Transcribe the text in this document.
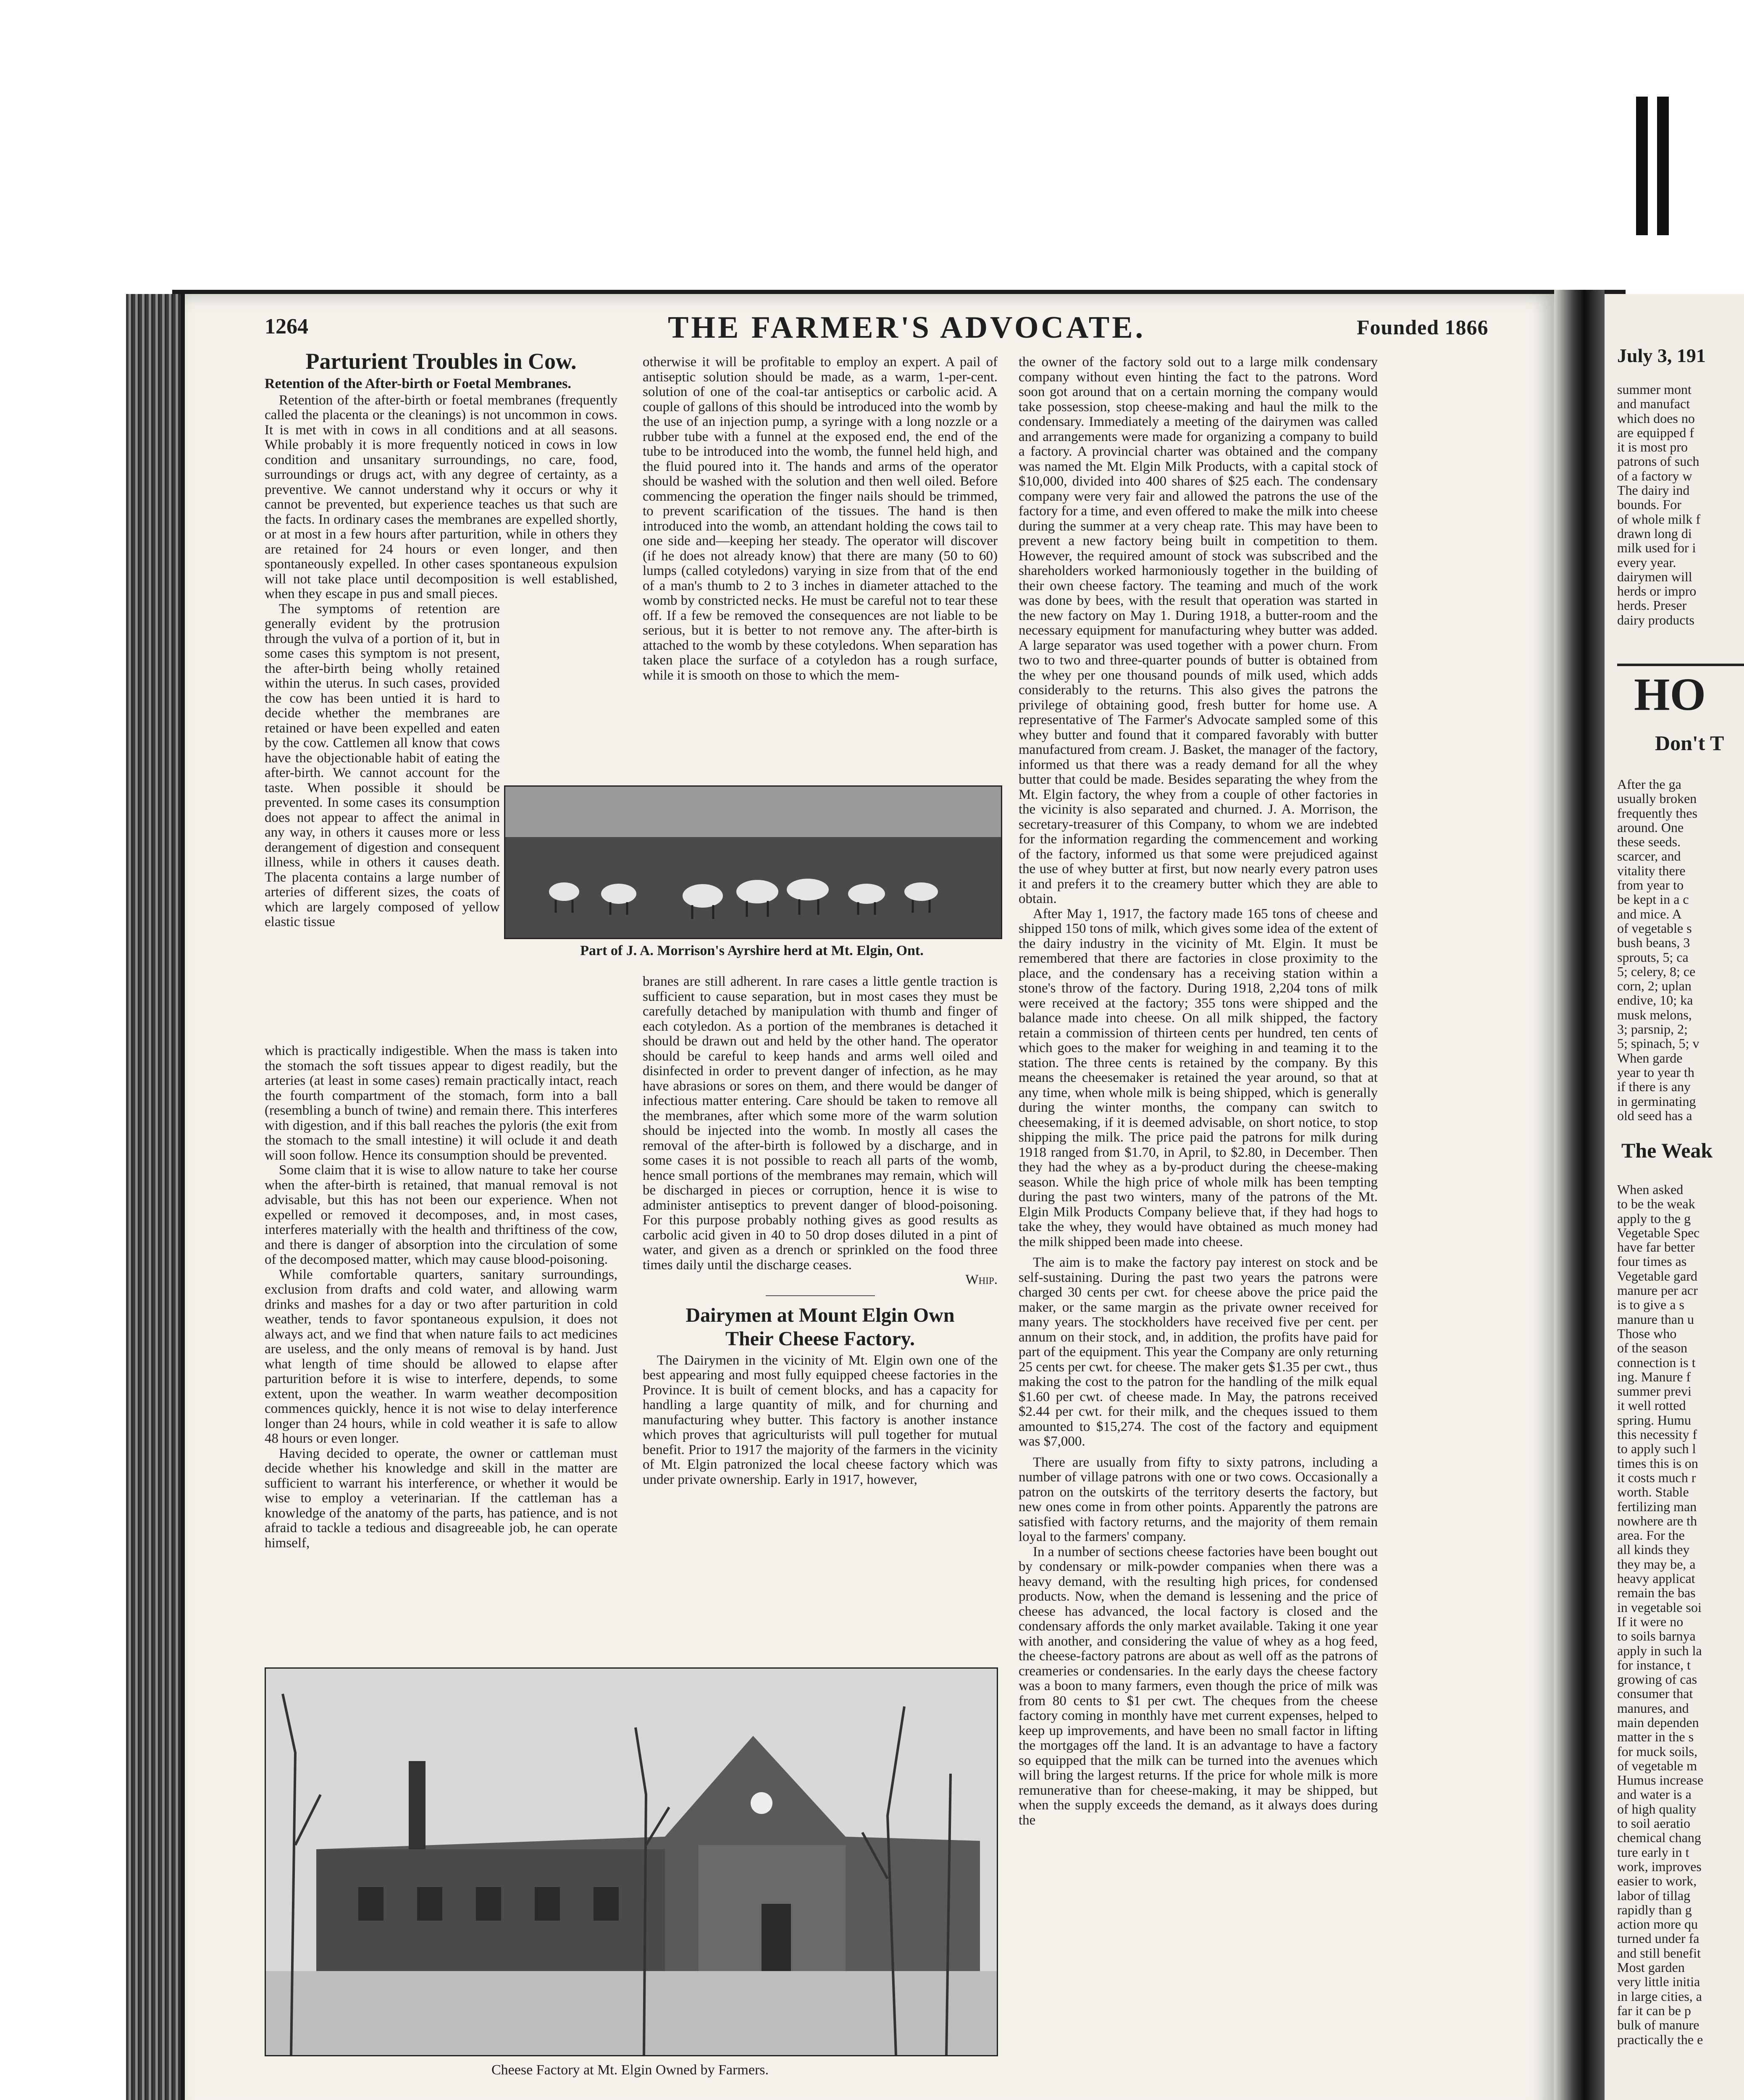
1264	THE FARMER'S ADVOCATE.	Founded 1866
Parturient Troubles in Cow.
Retention of the After-birth or Foetal Membranes.

Retention of the after-birth or foetal membranes (frequently called the placenta or the cleanings) is not uncommon in cows. It is met with in cows in all conditions and at all seasons. While probably it is more frequently noticed in cows in low condition and unsanitary surroundings, no care, food, surroundings or drugs act, with any degree of certainty, as a preventive. We cannot understand why it occurs or why it cannot be prevented, but experience teaches us that such are the facts. In ordinary cases the membranes are expelled shortly, or at most in a few hours after parturition, while in others they are retained for 24 hours or even longer, and then spontaneously expelled. In other cases spontaneous expulsion will not take place until decomposition is well established, when they escape in pus and small pieces.

The symptoms of retention are generally evident by the protrusion through the vulva of a portion of it, but in some cases this symptom is not present, the after-birth being wholly retained within the uterus. In such cases, provided the cow has been untied it is hard to decide whether the membranes are retained or have been expelled and eaten by the cow. Cattlemen all know that cows have the objectionable habit of eating the after-birth. We cannot account for the taste. When possible it should be prevented. In some cases its consumption does not appear to affect the animal in any way, in others it causes more or less derangement of digestion and consequent illness, while in others it causes death. The placenta contains a large number of arteries of different sizes, the coats of which are largely composed of yellow elastic tissue

which is practically indigestible. When the mass is taken into the stomach the soft tissues appear to digest readily, but the arteries (at least in some cases) remain practically intact, reach the fourth compartment of the stomach, form into a ball (resembling a bunch of twine) and remain there. This interferes with digestion, and if this ball reaches the pyloris (the exit from the stomach to the small intestine) it will oclude it and death will soon follow. Hence its consumption should be prevented.

Some claim that it is wise to allow nature to take her course when the after-birth is retained, that manual removal is not advisable, but this has not been our experience. When not expelled or removed it decomposes, and, in most cases, interferes materially with the health and thriftiness of the cow, and there is danger of absorption into the circulation of some of the decomposed matter, which may cause blood-poisoning.

While comfortable quarters, sanitary surroundings, exclusion from drafts and cold water, and allowing warm drinks and mashes for a day or two after parturition in cold weather, tends to favor spontaneous expulsion, it does not always act, and we find that when nature fails to act medicines are useless, and the only means of removal is by hand. Just what length of time should be allowed to elapse after parturition before it is wise to interfere, depends, to some extent, upon the weather. In warm weather decomposition commences quickly, hence it is not wise to delay interference longer than 24 hours, while in cold weather it is safe to allow 48 hours or even longer.

Having decided to operate, the owner or cattleman must decide whether his knowledge and skill in the matter are sufficient to warrant his interference, or whether it would be wise to employ a veterinarian. If the cattleman has a knowledge of the anatomy of the parts, has patience, and is not afraid to tackle a tedious and disagreeable job, he can operate himself,

otherwise it will be profitable to employ an expert. A pail of antiseptic solution should be made, as a warm, 1-per-cent. solution of one of the coal-tar antiseptics or carbolic acid. A couple of gallons of this should be introduced into the womb by the use of an injection pump, a syringe with a long nozzle or a rubber tube with a funnel at the exposed end, the end of the tube to be introduced into the womb, the funnel held high, and the fluid poured into it. The hands and arms of the operator should be washed with the solution and then well oiled. Before commencing the operation the finger nails should be trimmed, to prevent scarification of the tissues. The hand is then introduced into the womb, an attendant holding the cows tail to one side and—keeping her steady. The operator will discover (if he does not already know) that there are many (50 to 60) lumps (called cotyledons) varying in size from that of the end of a man's thumb to 2 to 3 inches in diameter attached to the womb by constricted necks. He must be careful not to tear these off. If a few be removed the consequences are not liable to be serious, but it is better to not remove any. The after-birth is attached to the womb by these cotyledons. When separation has taken place the surface of a cotyledon has a rough surface, while it is smooth on those to which the mem-

Part of J. A. Morrison's Ayrshire herd at Mt. Elgin, Ont.

branes are still adherent. In rare cases a little gentle traction is sufficient to cause separation, but in most cases they must be carefully detached by manipulation with thumb and finger of each cotyledon. As a portion of the membranes is detached it should be drawn out and held by the other hand. The operator should be careful to keep hands and arms well oiled and disinfected in order to prevent danger of infection, as he may have abrasions or sores on them, and there would be danger of infectious matter entering. Care should be taken to remove all the membranes, after which some more of the warm solution should be injected into the womb. In mostly all cases the removal of the after-birth is followed by a discharge, and in some cases it is not possible to reach all parts of the womb, hence small portions of the membranes may remain, which will be discharged in pieces or corruption, hence it is wise to administer antiseptics to prevent danger of blood-poisoning. For this purpose probably nothing gives as good results as carbolic acid given in 40 to 50 drop doses diluted in a pint of water, and given as a drench or sprinkled on the food three times daily until the discharge ceases.

Whip.
Dairymen at Mount Elgin Own Their Cheese Factory.

The Dairymen in the vicinity of Mt. Elgin own one of the best appearing and most fully equipped cheese factories in the Province. It is built of cement blocks, and has a capacity for handling a large quantity of milk, and for churning and manufacturing whey butter. This factory is another instance which proves that agriculturists will pull together for mutual benefit. Prior to 1917 the majority of the farmers in the vicinity of Mt. Elgin patronized the local cheese factory which was under private ownership. Early in 1917, however,

Cheese Factory at Mt. Elgin Owned by Farmers.

the owner of the factory sold out to a large milk condensary company without even hinting the fact to the patrons. Word soon got around that on a certain morning the company would take possession, stop cheese-making and haul the milk to the condensary. Immediately a meeting of the dairymen was called and arrangements were made for organizing a company to build a factory. A provincial charter was obtained and the company was named the Mt. Elgin Milk Products, with a capital stock of $10,000, divided into 400 shares of $25 each. The condensary company were very fair and allowed the patrons the use of the factory for a time, and even offered to make the milk into cheese during the summer at a very cheap rate. This may have been to prevent a new factory being built in competition to them. However, the required amount of stock was subscribed and the shareholders worked harmoniously together in the building of their own cheese factory. The teaming and much of the work was done by bees, with the result that operation was started in the new factory on May 1. During 1918, a butter-room and the necessary equipment for manufacturing whey butter was added. A large separator was used together with a power churn. From two to two and three-quarter pounds of butter is obtained from the whey per one thousand pounds of milk used, which adds considerably to the returns. This also gives the patrons the privilege of obtaining good, fresh butter for home use. A representative of The Farmer's Advocate sampled some of this whey butter and found that it compared favorably with butter manufactured from cream. J. Basket, the manager of the factory, informed us that there was a ready demand for all the whey butter that could be made. Besides separating the whey from the Mt. Elgin factory, the whey from a couple of other factories in the vicinity is also separated and churned. J. A. Morrison, the secretary-treasurer of this Company, to whom we are indebted for the information regarding the commencement and working of the factory, informed us that some were prejudiced against the use of whey butter at first, but now nearly every patron uses it and prefers it to the creamery butter which they are able to obtain.

After May 1, 1917, the factory made 165 tons of cheese and shipped 150 tons of milk, which gives some idea of the extent of the dairy industry in the vicinity of Mt. Elgin. It must be remembered that there are factories in close proximity to the place, and the condensary has a receiving station within a stone's throw of the factory. During 1918, 2,204 tons of milk were received at the factory; 355 tons were shipped and the balance made into cheese. On all milk shipped, the factory retain a commission of thirteen cents per hundred, ten cents of which goes to the maker for weighing in and teaming it to the station. The three cents is retained by the company. By this means the cheesemaker is retained the year around, so that at any time, when whole milk is being shipped, which is generally during the winter months, the company can switch to cheesemaking, if it is deemed advisable, on short notice, to stop shipping the milk. The price paid the patrons for milk during 1918 ranged from $1.70, in April, to $2.80, in December. Then they had the whey as a by-product during the cheese-making season. While the high price of whole milk has been tempting during the past two winters, many of the patrons of the Mt. Elgin Milk Products Company believe that, if they had hogs to take the whey, they would have obtained as much money had the milk shipped been made into cheese.

The aim is to make the factory pay interest on stock and be self-sustaining. During the past two years the patrons were charged 30 cents per cwt. for cheese above the price paid the maker, or the same margin as the private owner received for many years. The stockholders have received five per cent. per annum on their stock, and, in addition, the profits have paid for part of the equipment. This year the Company are only returning 25 cents per cwt. for cheese. The maker gets $1.35 per cwt., thus making the cost to the patron for the handling of the milk equal $1.60 per cwt. of cheese made. In May, the patrons received $2.44 per cwt. for their milk, and the cheques issued to them amounted to $15,274. The cost of the factory and equipment was $7,000.

There are usually from fifty to sixty patrons, including a number of village patrons with one or two cows. Occasionally a patron on the outskirts of the territory deserts the factory, but new ones come in from other points. Apparently the patrons are satisfied with factory returns, and the majority of them remain loyal to the farmers' company.

In a number of sections cheese factories have been bought out by condensary or milk-powder companies when there was a heavy demand, with the resulting high prices, for condensed products. Now, when the demand is lessening and the price of cheese has advanced, the local factory is closed and the condensary affords the only market available. Taking it one year with another, and considering the value of whey as a hog feed, the cheese-factory patrons are about as well off as the patrons of creameries or condensaries. In the early days the cheese factory was a boon to many farmers, even though the price of milk was from 80 cents to $1 per cwt. The cheques from the cheese factory coming in monthly have met current expenses, helped to keep up improvements, and have been no small factor in lifting the mortgages off the land. It is an advantage to have a factory so equipped that the milk can be turned into the avenues which will bring the largest returns. If the price for whole milk is more remunerative than for cheese-making, it may be shipped, but when the supply exceeds the demand, as it always does during the

July 3, 191
summer mont
and manufact
which does no
are equipped f
it is most pro
patrons of such
of a factory w
The dairy ind
bounds. For
of whole milk f
drawn long di
milk used for i
every year.
dairymen will
herds or impro
herds. Preser
dairy products
HO
Don't T
After the ga
usually broken
frequently thes
around. One
these seeds.
scarcer, and
vitality there
from year to
be kept in a c
and mice. A
of vegetable s
bush beans, 3
sprouts, 5; ca
5; celery, 8; ce
corn, 2; uplan
endive, 10; ka
musk melons,
3; parsnip, 2;
5; spinach, 5; v
When garde
year to year th
if there is any
in germinating
old seed has a
The Weak
When asked
to be the weak
apply to the g
Vegetable Spec
have far better
four times as
Vegetable gard
manure per acr
is to give a s
manure than u
Those who
of the season
connection is t
ing. Manure f
summer previ
it well rotted
spring. Humu
this necessity f
to apply such l
times this is on
it costs much r
worth. Stable
fertilizing man
nowhere are th
area. For the
all kinds they
they may be, a
heavy applicat
remain the bas
in vegetable soi
If it were no
to soils barnya
apply in such la
for instance, t
growing of cas
consumer that
manures, and
main dependen
matter in the s
for muck soils,
of vegetable m
Humus increase
and water is a
of high quality
to soil aeratio
chemical chang
ture early in t
work, improves
easier to work,
labor of tillag
rapidly than g
action more qu
turned under fa
and still benefit
Most garden
very little initia
in large cities, a
far it can be p
bulk of manure
practically the e
